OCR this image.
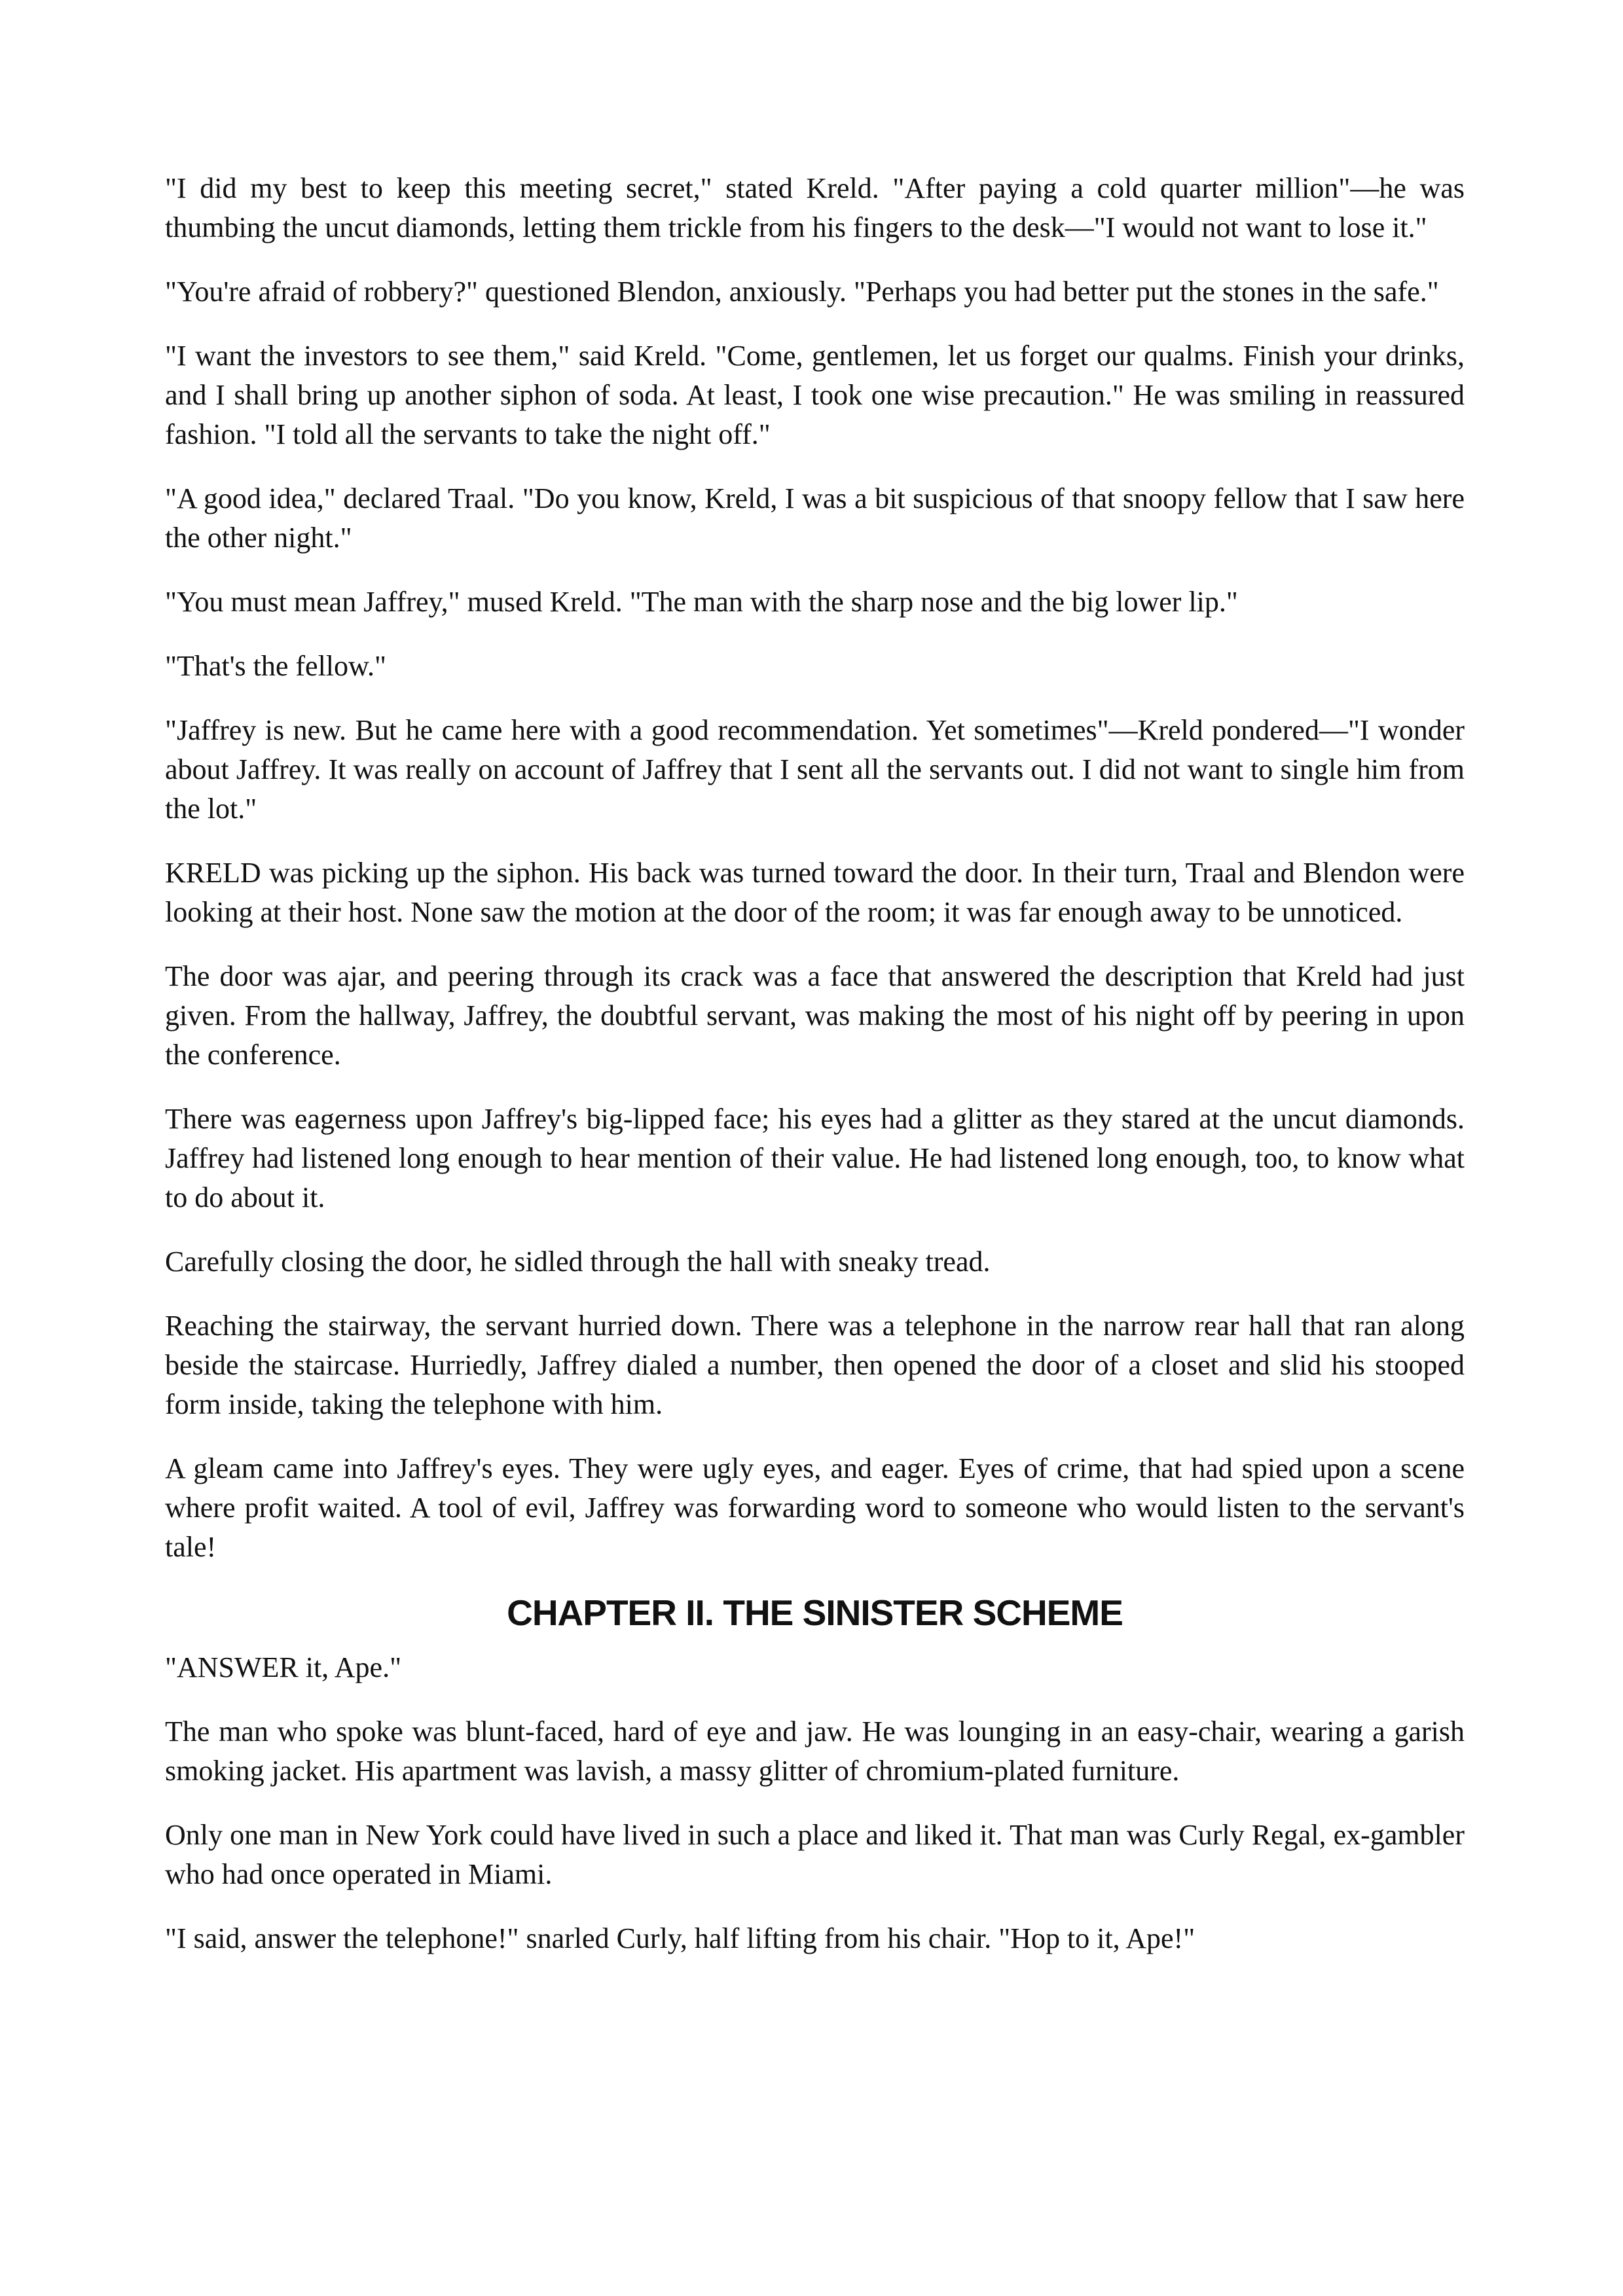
"I did my best to keep this meeting secret," stated Kreld. "After paying a cold quarter million"—he was thumbing the uncut diamonds, letting them trickle from his fingers to the desk—"I would not want to lose it."

"You're afraid of robbery?" questioned Blendon, anxiously. "Perhaps you had better put the stones in the safe."

"I want the investors to see them," said Kreld. "Come, gentlemen, let us forget our qualms. Finish your drinks, and I shall bring up another siphon of soda. At least, I took one wise precaution." He was smiling in reassured fashion. "I told all the servants to take the night off."

"A good idea," declared Traal. "Do you know, Kreld, I was a bit suspicious of that snoopy fellow that I saw here the other night."

"You must mean Jaffrey," mused Kreld. "The man with the sharp nose and the big lower lip."

"That's the fellow."

"Jaffrey is new. But he came here with a good recommendation. Yet sometimes"—Kreld pondered—"I wonder about Jaffrey. It was really on account of Jaffrey that I sent all the servants out. I did not want to single him from the lot."

KRELD was picking up the siphon. His back was turned toward the door. In their turn, Traal and Blendon were looking at their host. None saw the motion at the door of the room; it was far enough away to be unnoticed.

The door was ajar, and peering through its crack was a face that answered the description that Kreld had just given. From the hallway, Jaffrey, the doubtful servant, was making the most of his night off by peering in upon the conference.

There was eagerness upon Jaffrey's big-lipped face; his eyes had a glitter as they stared at the uncut diamonds. Jaffrey had listened long enough to hear mention of their value. He had listened long enough, too, to know what to do about it.

Carefully closing the door, he sidled through the hall with sneaky tread.

Reaching the stairway, the servant hurried down. There was a telephone in the narrow rear hall that ran along beside the staircase. Hurriedly, Jaffrey dialed a number, then opened the door of a closet and slid his stooped form inside, taking the telephone with him.

A gleam came into Jaffrey's eyes. They were ugly eyes, and eager. Eyes of crime, that had spied upon a scene where profit waited. A tool of evil, Jaffrey was forwarding word to someone who would listen to the servant's tale!

CHAPTER II. THE SINISTER SCHEME

"ANSWER it, Ape."

The man who spoke was blunt-faced, hard of eye and jaw. He was lounging in an easy-chair, wearing a garish smoking jacket. His apartment was lavish, a massy glitter of chromium-plated furniture.

Only one man in New York could have lived in such a place and liked it. That man was Curly Regal, ex-gambler who had once operated in Miami.

"I said, answer the telephone!" snarled Curly, half lifting from his chair. "Hop to it, Ape!"
